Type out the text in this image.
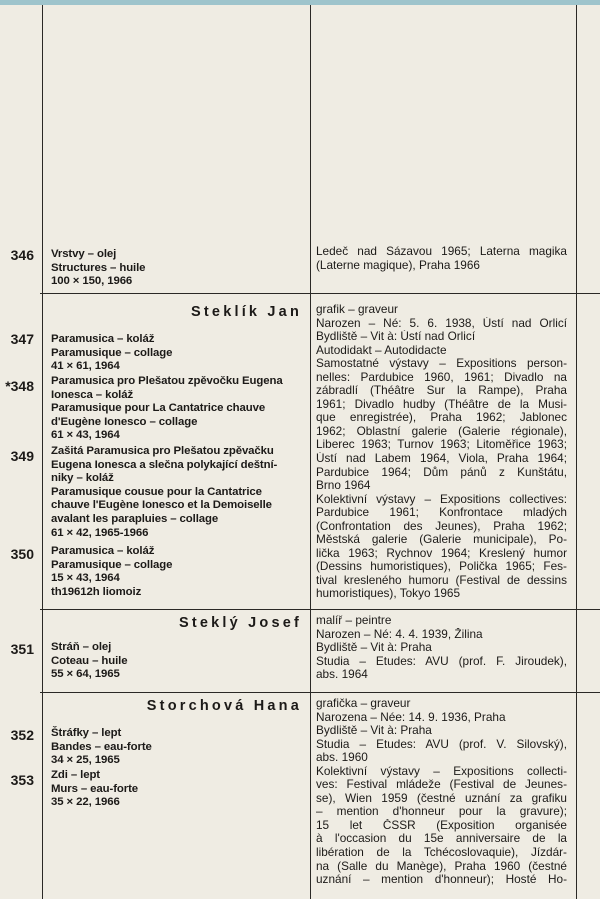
346
347
*348
349
350
351
352
353
Vrstvy – olej
Structures – huile
100 × 150, 1966
Paramusica – koláž
Paramusique – collage
41 × 61, 1964
Paramusica pro Plešatou zpěvočku Eugena
Ionesca – koláž
Paramusique pour La Cantatrice chauve
d'Eugène Ionesco – collage
61 × 43, 1964
Zašitá Paramusica pro Plešatou zpěvačku
Eugena Ionesca a slečna polykající deštní-
niky – koláž
Paramusique cousue pour la Cantatrice
chauve l'Eugène Ionesco et la Demoiselle
avalant les parapluies – collage
61 × 42, 1965-1966
Paramusica – koláž
Paramusique – collage
15 × 43, 1964
th19612h liomoiz
Stráň – olej
Coteau – huile
55 × 64, 1965
Štráfky – lept
Bandes – eau-forte
34 × 25, 1965
Zdi – lept
Murs – eau-forte
35 × 22, 1966
Steklík Jan
Steklý Josef
Storchová Hana
Ledeč nad Sázavou 1965; Laterna magika
(Laterne magique), Praha 1966
grafik – graveur
Narozen – Né: 5. 6. 1938, Ústí nad Orlicí
Bydliště – Vit à: Ústí nad Orlicí
Autodidakt – Autodidacte
Samostatné výstavy – Expositions person-
nelles: Pardubice 1960, 1961; Divadlo na
zábradlí (Théâtre Sur la Rampe), Praha
1961; Divadlo hudby (Théâtre de la Musi-
que enregistrée), Praha 1962; Jablonec
1962; Oblastní galerie (Galerie régionale),
Liberec 1963; Turnov 1963; Litoměřice 1963;
Ústí nad Labem 1964, Viola, Praha 1964;
Pardubice 1964; Dům pánů z Kunštátu,
Brno 1964
Kolektivní výstavy – Expositions collectives:
Pardubice 1961; Konfrontace mladých
(Confrontation des Jeunes), Praha 1962;
Městská galerie (Galerie municipale), Po-
lička 1963; Rychnov 1964; Kreslený humor
(Dessins humoristiques), Polička 1965; Fes-
tival kresleného humoru (Festival de dessins
humoristiques), Tokyo 1965
malíř – peintre
Narozen – Né: 4. 4. 1939, Žilina
Bydliště – Vit à: Praha
Studia – Etudes: AVU (prof. F. Jiroudek),
abs. 1964
grafička – graveur
Narozena – Née: 14. 9. 1936, Praha
Bydliště – Vit à: Praha
Studia – Etudes: AVU (prof. V. Silovský),
abs. 1960
Kolektivní výstavy – Expositions collecti-
ves: Festival mládeže (Festival de Jeunes-
se), Wien 1959 (čestné uznání za grafiku
– mention d'honneur pour la gravure);
15 let ČSSR (Exposition organisée
à l'occasion du 15e anniversaire de la
libération de la Tchécoslovaquie), Jízdár-
na (Salle du Manège), Praha 1960 (čestné
uznání – mention d'honneur); Hosté Ho-
